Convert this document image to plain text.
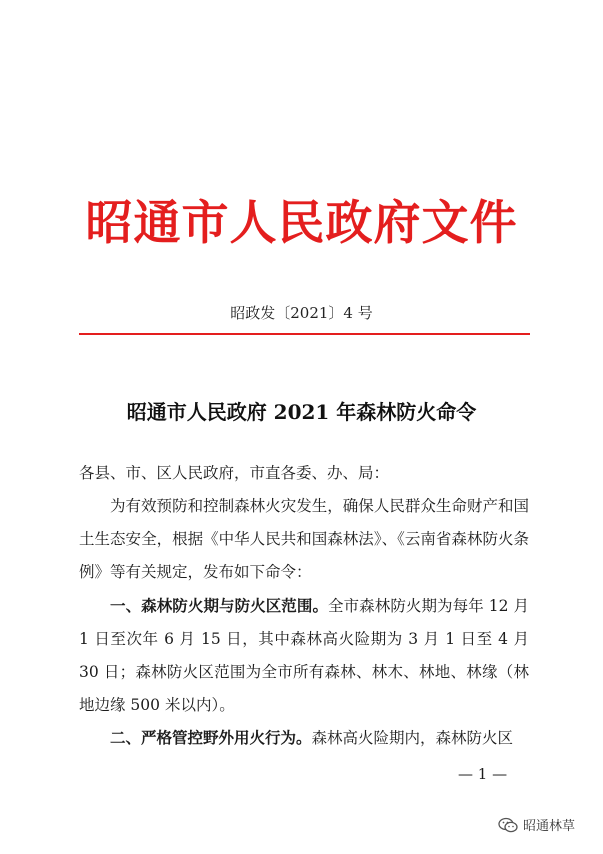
昭通市人民政府文件
昭政发〔2021〕4 号
昭通市人民政府 2021 年森林防火命令
各县、市、区人民政府，市直各委、办、局：
为有效预防和控制森林火灾发生，确保人民群众生命财产和国土生态安全，根据《中华人民共和国森林法》、《云南省森林防火条例》等有关规定，发布如下命令：
一、森林防火期与防火区范围。全市森林防火期为每年 12 月 1 日至次年 6 月 15 日，其中森林高火险期为 3 月 1 日至 4 月 30 日；森林防火区范围为全市所有森林、林木、林地、林缘（林地边缘 500 米以内）。
二、严格管控野外用火行为。森林高火险期内，森林防火区
— 1 —
昭通林草
